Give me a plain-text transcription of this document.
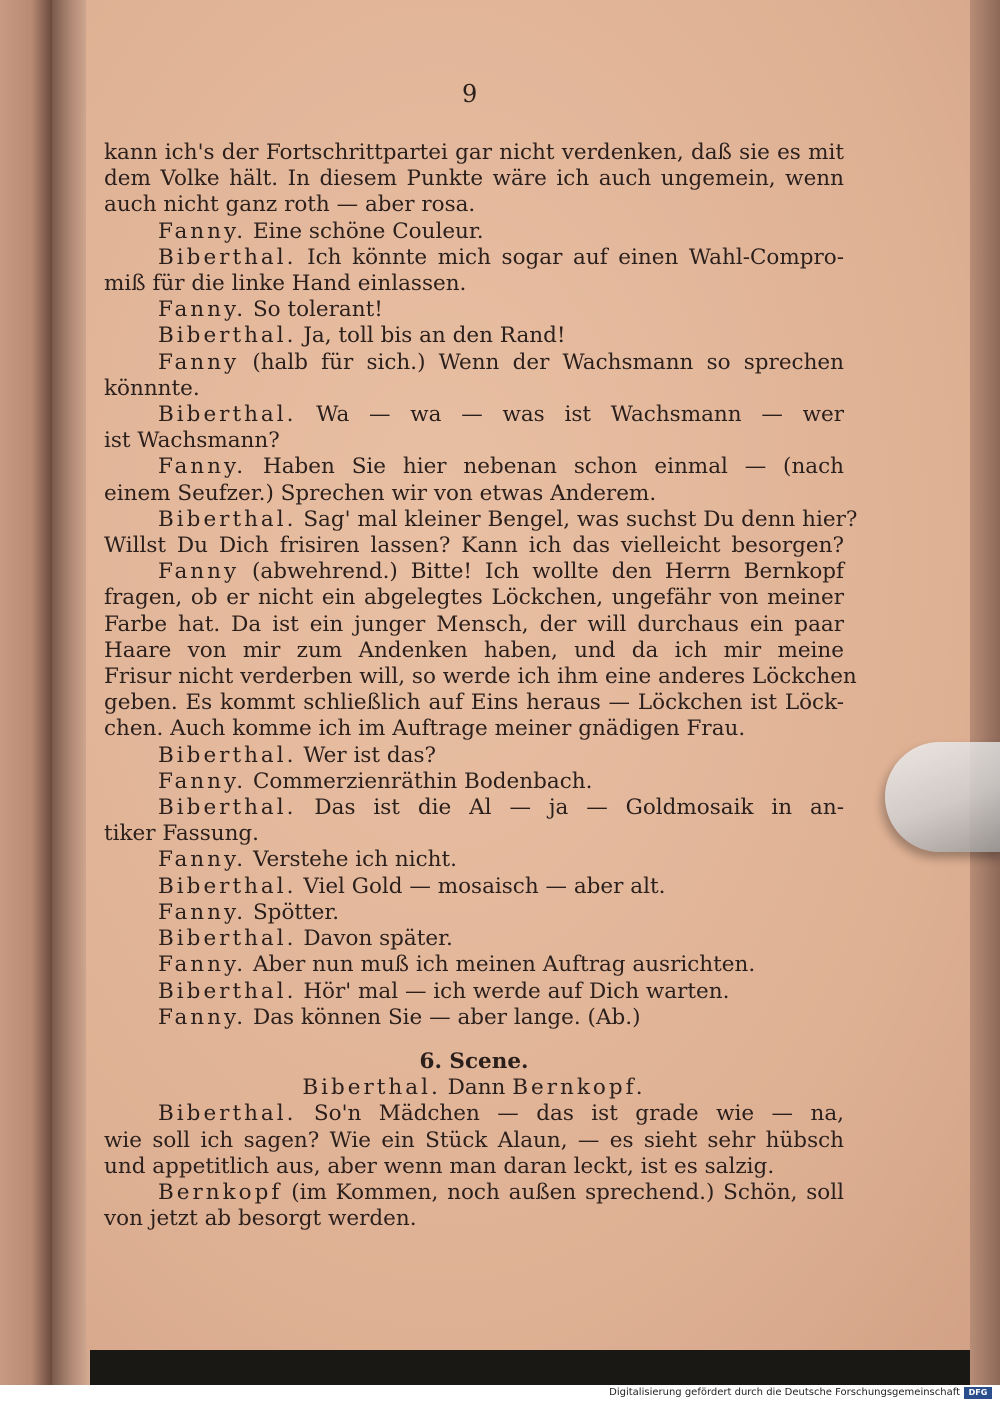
9
kann ich's der Fortschrittpartei gar nicht verdenken, daß sie es mit
dem Volke hält. In diesem Punkte wäre ich auch ungemein, wenn
auch nicht ganz roth — aber rosa.
Fanny. Eine schöne Couleur.
Biberthal. Ich könnte mich sogar auf einen Wahl-Compro-
miß für die linke Hand einlassen.
Fanny. So tolerant!
Biberthal. Ja, toll bis an den Rand!
Fanny (halb für sich.) Wenn der Wachsmann so sprechen
könnnte.
Biberthal. Wa — wa — was ist Wachsmann — wer
ist Wachsmann?
Fanny. Haben Sie hier nebenan schon einmal — (nach
einem Seufzer.) Sprechen wir von etwas Anderem.
Biberthal. Sag' mal kleiner Bengel, was suchst Du denn hier?
Willst Du Dich frisiren lassen? Kann ich das vielleicht besorgen?
Fanny (abwehrend.) Bitte! Ich wollte den Herrn Bernkopf
fragen, ob er nicht ein abgelegtes Löckchen, ungefähr von meiner
Farbe hat. Da ist ein junger Mensch, der will durchaus ein paar
Haare von mir zum Andenken haben, und da ich mir meine
Frisur nicht verderben will, so werde ich ihm eine anderes Löckchen
geben. Es kommt schließlich auf Eins heraus — Löckchen ist Löck-
chen. Auch komme ich im Auftrage meiner gnädigen Frau.
Biberthal. Wer ist das?
Fanny. Commerzienräthin Bodenbach.
Biberthal. Das ist die Al — ja — Goldmosaik in an-
tiker Fassung.
Fanny. Verstehe ich nicht.
Biberthal. Viel Gold — mosaisch — aber alt.
Fanny. Spötter.
Biberthal. Davon später.
Fanny. Aber nun muß ich meinen Auftrag ausrichten.
Biberthal. Hör' mal — ich werde auf Dich warten.
Fanny. Das können Sie — aber lange. (Ab.)
6. Scene.
Biberthal. Dann Bernkopf.
Biberthal. So'n Mädchen — das ist grade wie — na,
wie soll ich sagen? Wie ein Stück Alaun, — es sieht sehr hübsch
und appetitlich aus, aber wenn man daran leckt, ist es salzig.
Bernkopf (im Kommen, noch außen sprechend.) Schön, soll
von jetzt ab besorgt werden.
Digitalisierung gefördert durch die Deutsche Forschungsgemeinschaft	DFG
